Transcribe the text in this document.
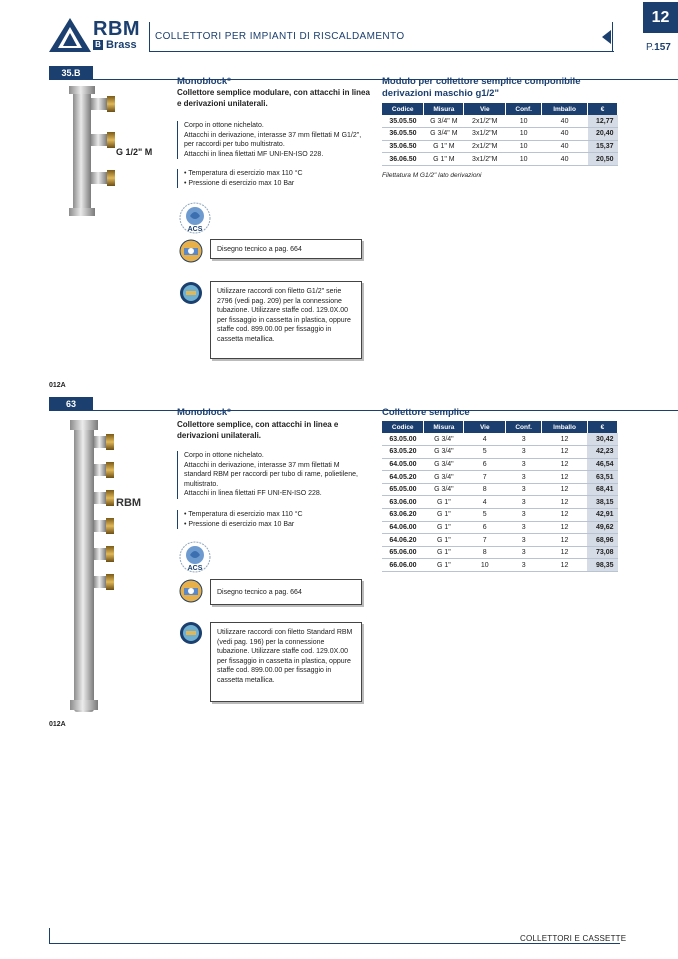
RBM
B Brass
COLLETTORI PER IMPIANTI DI RISCALDAMENTO
12
P.157
35.B
G 1/2" M
Monoblock*
Collettore semplice modulare, con attacchi in linea e derivazioni unilaterali.
Corpo in ottone nichelato.
Attacchi in derivazione, interasse 37 mm filettati M G1/2", per raccordi per tubo multistrato.
Attacchi in linea filettati MF UNI-EN-ISO 228.
• Temperatura di esercizio max 110 °C
• Pressione di esercizio max 10 Bar
ACS
Disegno tecnico a pag. 664
Utilizzare raccordi con filetto G1/2" serie 2796 (vedi pag. 209) per la connessione tubazione. Utilizzare staffe cod. 129.0X.00 per fissaggio in cassetta in plastica, oppure staffe cod. 899.00.00 per fissaggio in cassetta metallica.
Modulo per collettore semplice componibile derivazioni maschio g1/2"
Codice	Misura	Vie	Conf.	Imballo	€
35.05.50	G 3/4" M	2x1/2"M	10	40	12,77
36.05.50	G 3/4" M	3x1/2"M	10	40	20,40
35.06.50	G 1" M	2x1/2"M	10	40	15,37
36.06.50	G 1" M	3x1/2"M	10	40	20,50
Filettatura M G1/2" lato derivazioni
012A
63
RBM
Monoblock*
Collettore semplice, con attacchi in linea e derivazioni unilaterali.
Corpo in ottone nichelato.
Attacchi in derivazione, interasse 37 mm filettati M standard RBM per raccordi per tubo di rame, polietilene, multistrato.
Attacchi in linea filettati FF UNI-EN-ISO 228.
• Temperatura di esercizio max 110 °C
• Pressione di esercizio max 10 Bar
ACS
Disegno tecnico a pag. 664
Utilizzare raccordi con filetto Standard RBM (vedi pag. 196) per la connessione tubazione. Utilizzare staffe cod. 129.0X.00 per fissaggio in cassetta in plastica, oppure staffe cod. 899.00.00 per fissaggio in cassetta metallica.
Collettore semplice
Codice	Misura	Vie	Conf.	Imballo	€
63.05.00	G 3/4"	4	3	12	30,42
63.05.20	G 3/4"	5	3	12	42,23
64.05.00	G 3/4"	6	3	12	46,54
64.05.20	G 3/4"	7	3	12	63,51
65.05.00	G 3/4"	8	3	12	68,41
63.06.00	G 1"	4	3	12	38,15
63.06.20	G 1"	5	3	12	42,91
64.06.00	G 1"	6	3	12	49,62
64.06.20	G 1"	7	3	12	68,96
65.06.00	G 1"	8	3	12	73,08
66.06.00	G 1"	10	3	12	98,35
012A
COLLETTORI E CASSETTE
